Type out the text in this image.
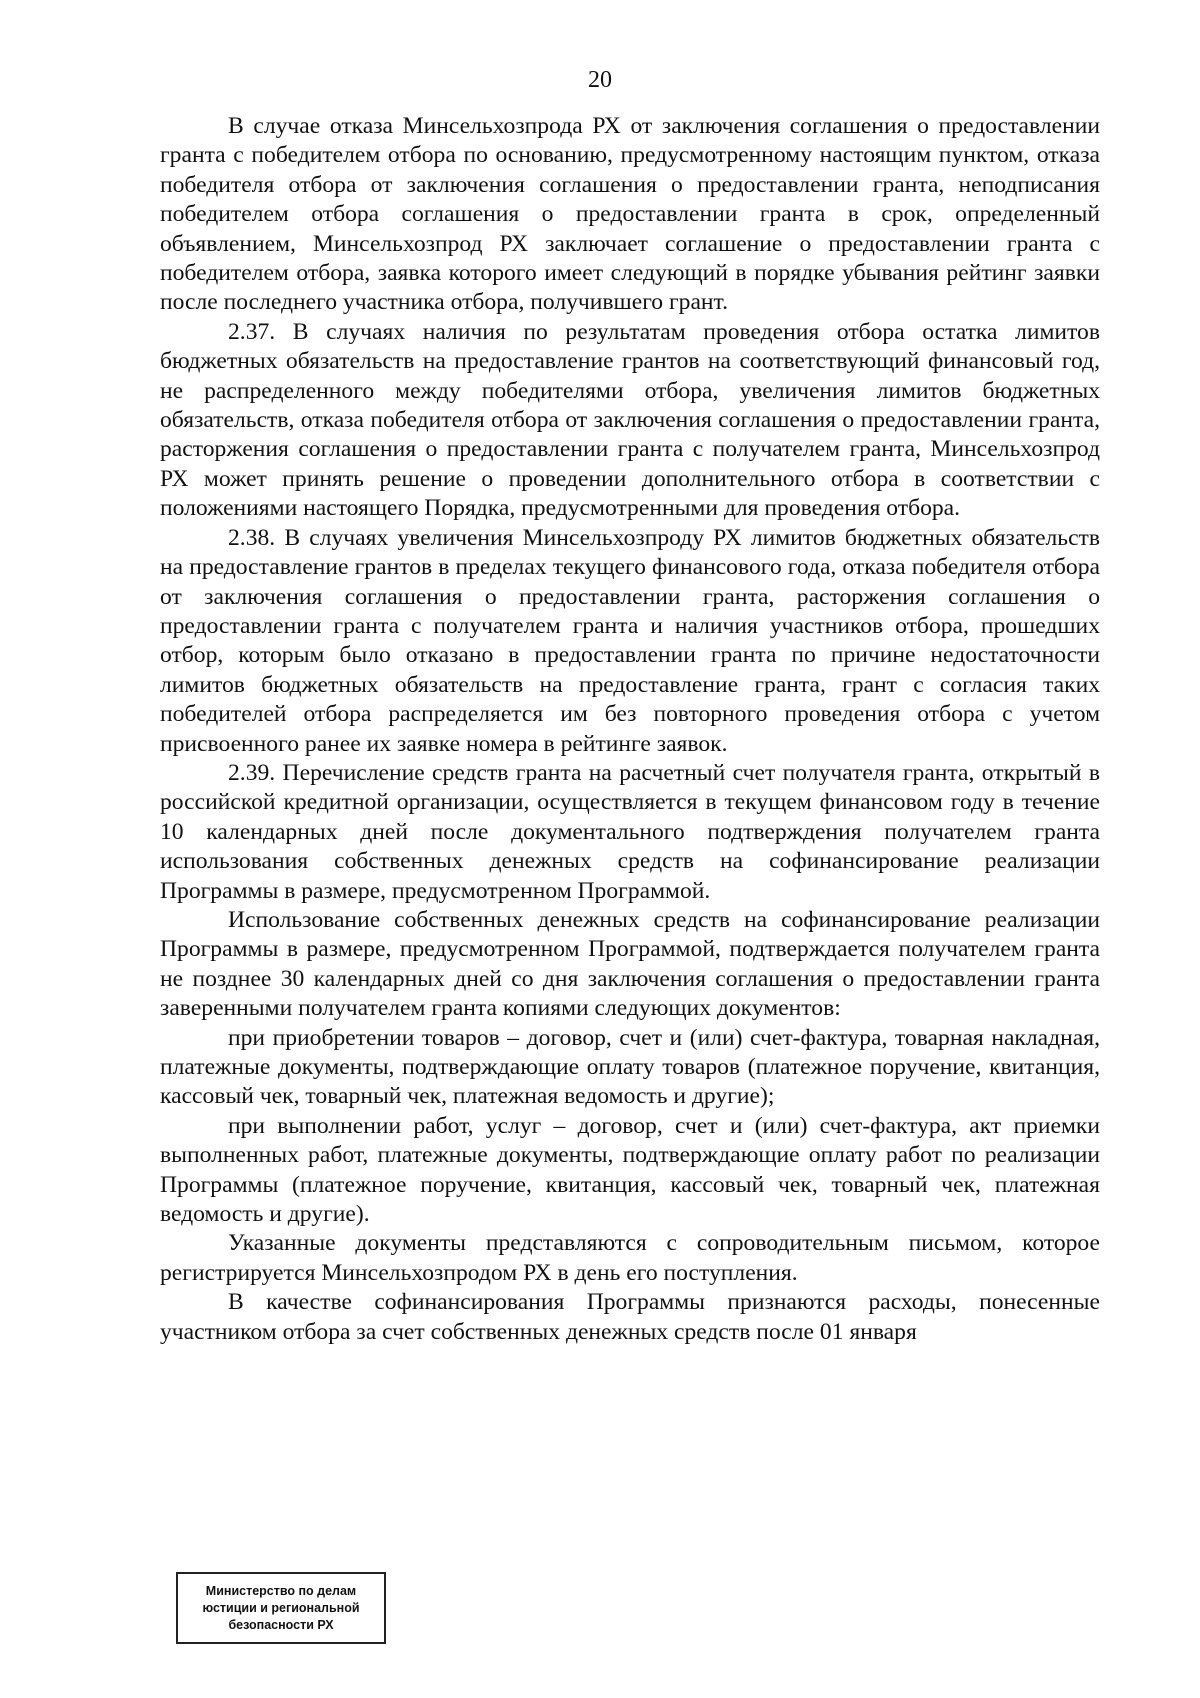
20

В случае отказа Минсельхозпрода РХ от заключения соглашения о предоставлении гранта с победителем отбора по основанию, предусмотренному настоящим пунктом, отказа победителя отбора от заключения соглашения о предоставлении гранта, неподписания победителем отбора соглашения о предоставлении гранта в срок, определенный объявлением, Минсельхозпрод РХ заключает соглашение о предоставлении гранта с победителем отбора, заявка которого имеет следующий в порядке убывания рейтинг заявки после последнего участника отбора, получившего грант.

2.37. В случаях наличия по результатам проведения отбора остатка лимитов бюджетных обязательств на предоставление грантов на соответствующий финансовый год, не распределенного между победителями отбора, увеличения лимитов бюджетных обязательств, отказа победителя отбора от заключения соглашения о предоставлении гранта, расторжения соглашения о предоставлении гранта с получателем гранта, Минсельхозпрод РХ может принять решение о проведении дополнительного отбора в соответствии с положениями настоящего Порядка, предусмотренными для проведения отбора.

2.38. В случаях увеличения Минсельхозпроду РХ лимитов бюджетных обязательств на предоставление грантов в пределах текущего финансового года, отказа победителя отбора от заключения соглашения о предоставлении гранта, расторжения соглашения о предоставлении гранта с получателем гранта и наличия участников отбора, прошедших отбор, которым было отказано в предоставлении гранта по причине недостаточности лимитов бюджетных обязательств на предоставление гранта, грант с согласия таких победителей отбора распределяется им без повторного проведения отбора с учетом присвоенного ранее их заявке номера в рейтинге заявок.

2.39. Перечисление средств гранта на расчетный счет получателя гранта, открытый в российской кредитной организации, осуществляется в текущем финансовом году в течение 10 календарных дней после документального подтверждения получателем гранта использования собственных денежных средств на софинансирование реализации Программы в размере, предусмотренном Программой.

Использование собственных денежных средств на софинансирование реализации Программы в размере, предусмотренном Программой, подтверждается получателем гранта не позднее 30 календарных дней со дня заключения соглашения о предоставлении гранта заверенными получателем гранта копиями следующих документов:

при приобретении товаров – договор, счет и (или) счет-фактура, товарная накладная, платежные документы, подтверждающие оплату товаров (платежное поручение, квитанция, кассовый чек, товарный чек, платежная ведомость и другие);

при выполнении работ, услуг – договор, счет и (или) счет-фактура, акт приемки выполненных работ, платежные документы, подтверждающие оплату работ по реализации Программы (платежное поручение, квитанция, кассовый чек, товарный чек, платежная ведомость и другие).

Указанные документы представляются с сопроводительным письмом, которое регистрируется Минсельхозпродом РХ в день его поступления.

В качестве софинансирования Программы признаются расходы, понесенные участником отбора за счет собственных денежных средств после 01 января

Министерство по делам
юстиции и региональной
безопасности РХ
